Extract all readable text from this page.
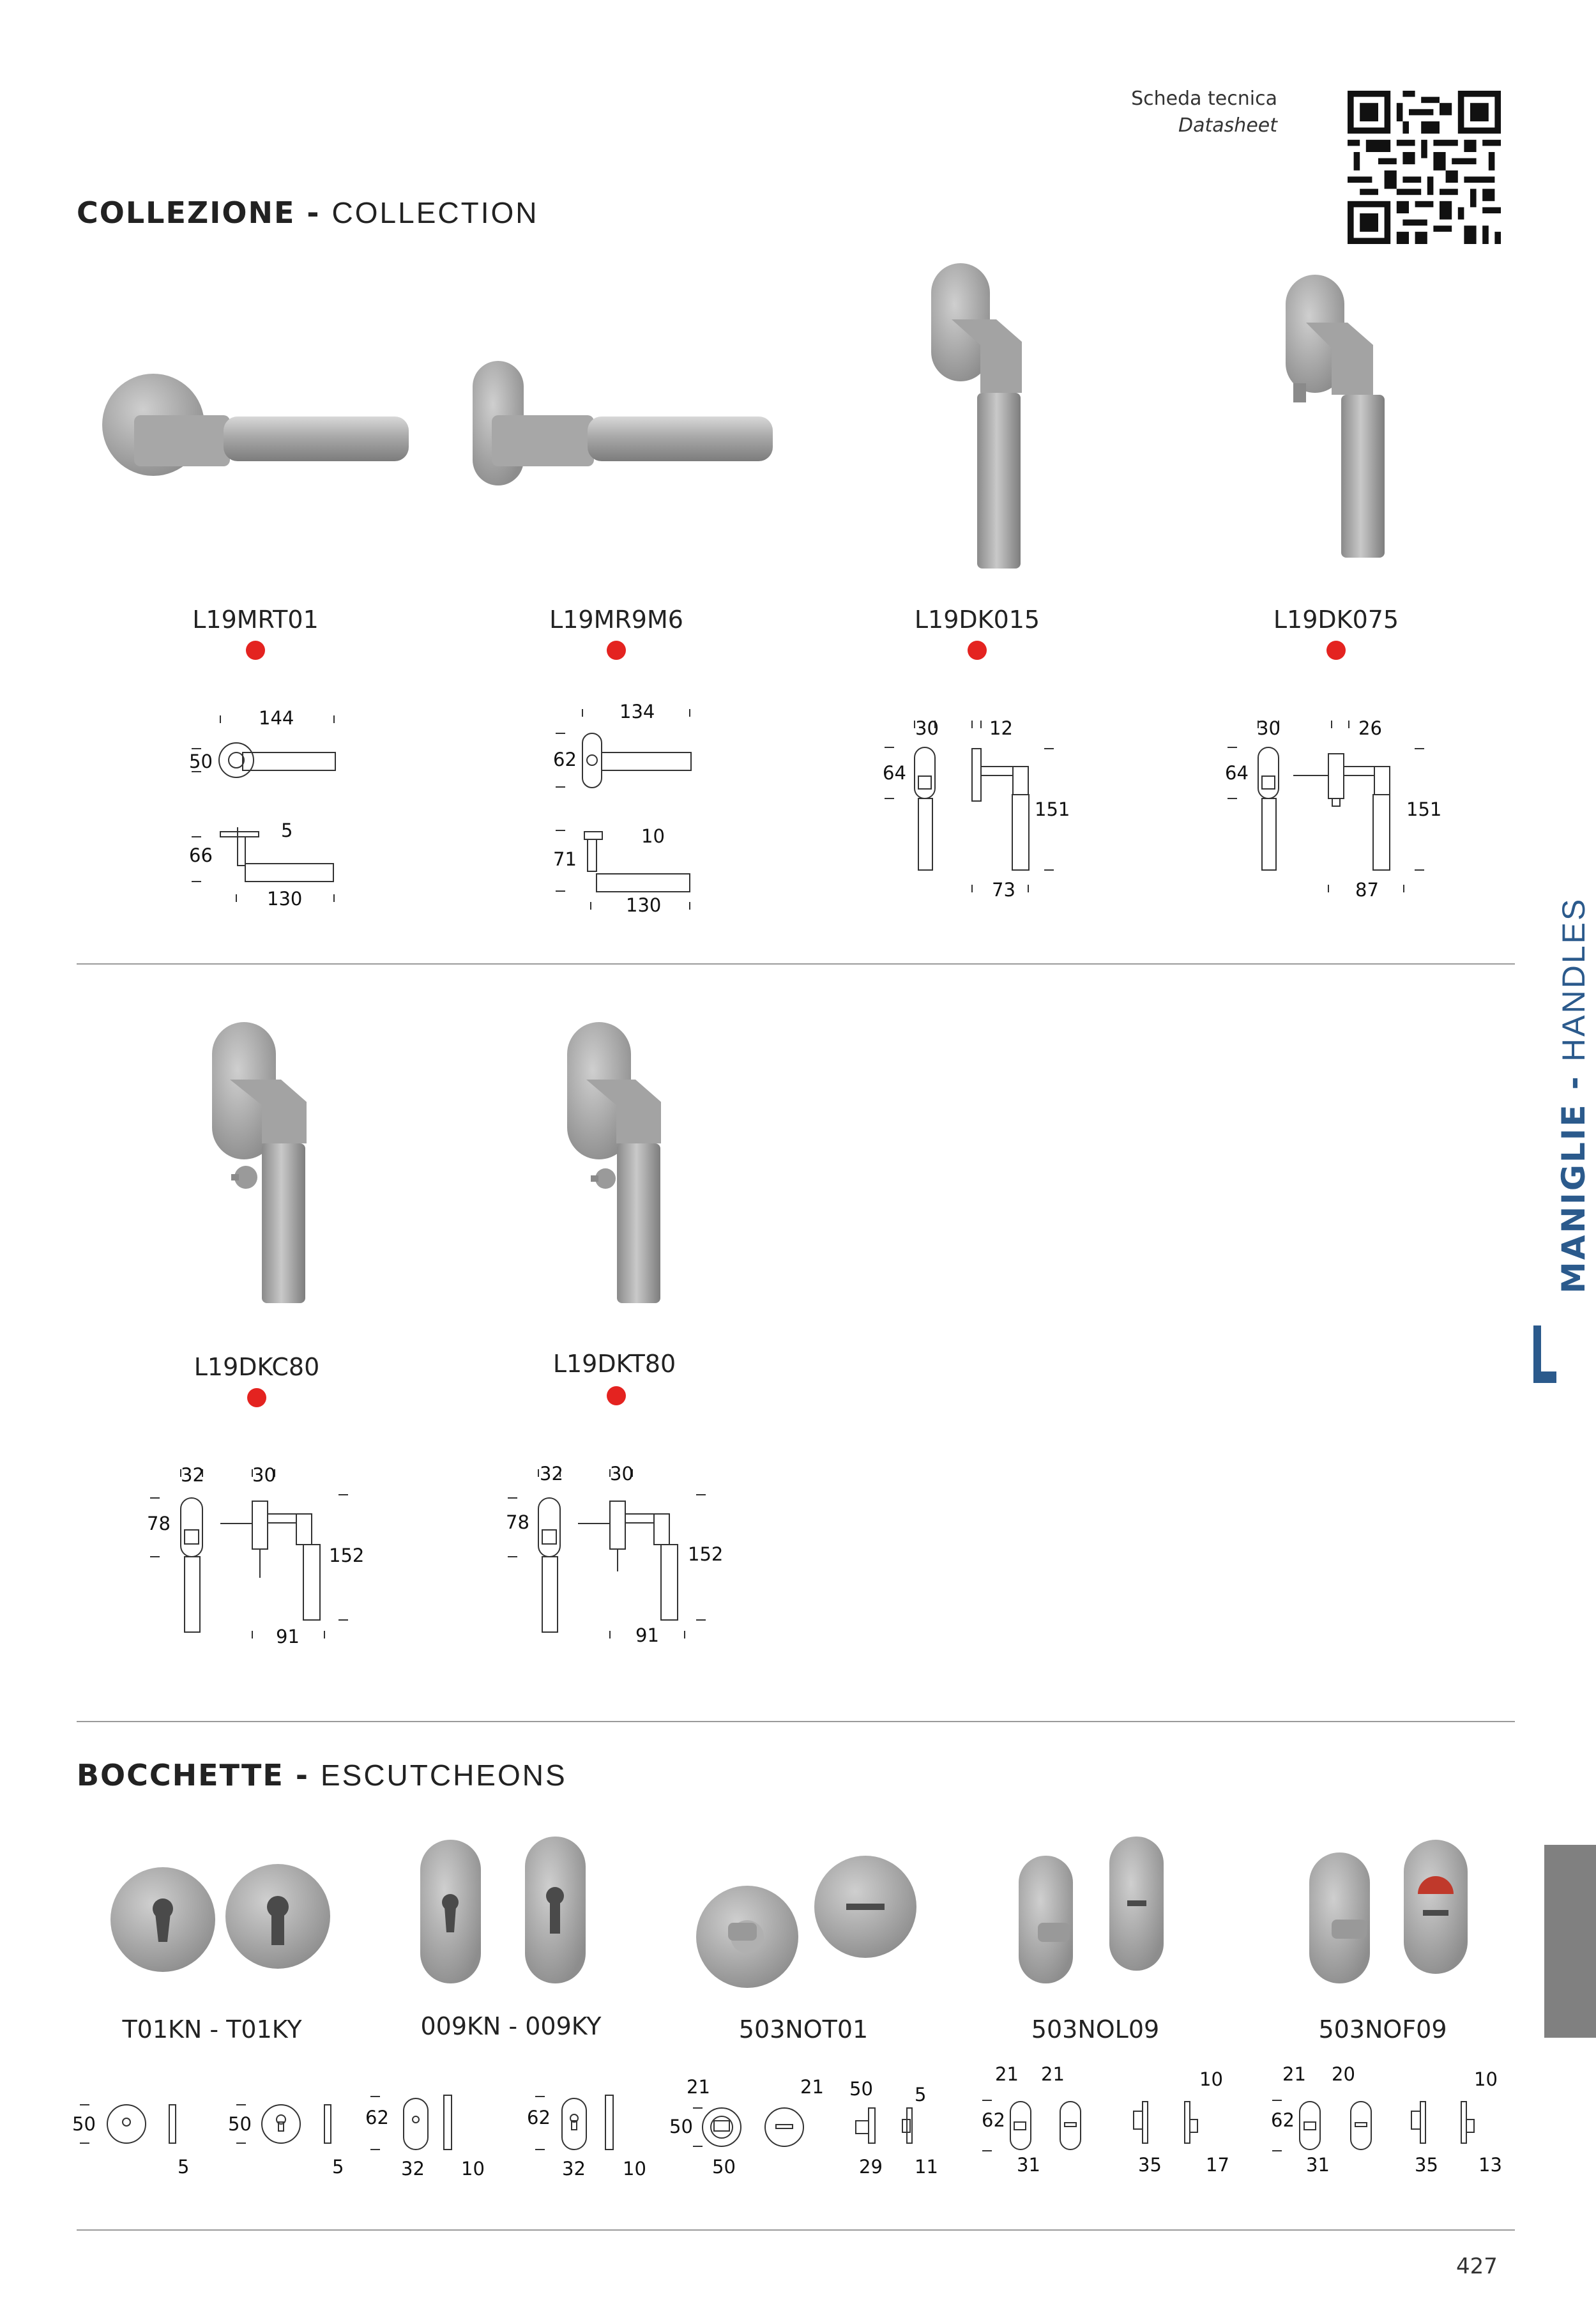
Scheda tecnica
Datasheet
COLLEZIONE - COLLECTION
L19MRT01	L19MR9M6	L19DK015	L19DK075
144
50
5
66
130
134
62
10
71
130
30	12
64
151
73
30	26
64
151
87
L19DKC80	L19DKT80
32	30
78
152
91
32	30
78
152
91
BOCCHETTE - ESCUTCHEONS
T01KN - T01KY	009KN - 009KY	503NOT01	503NOL09	503NOF09
50
5
50
5
62
32 10
62
32 10
21	21 50 5
50
50	29 11
21 21	10
62
31	35 17
21 20	10
62
31	35 13
MANIGLIE - HANDLES
427
